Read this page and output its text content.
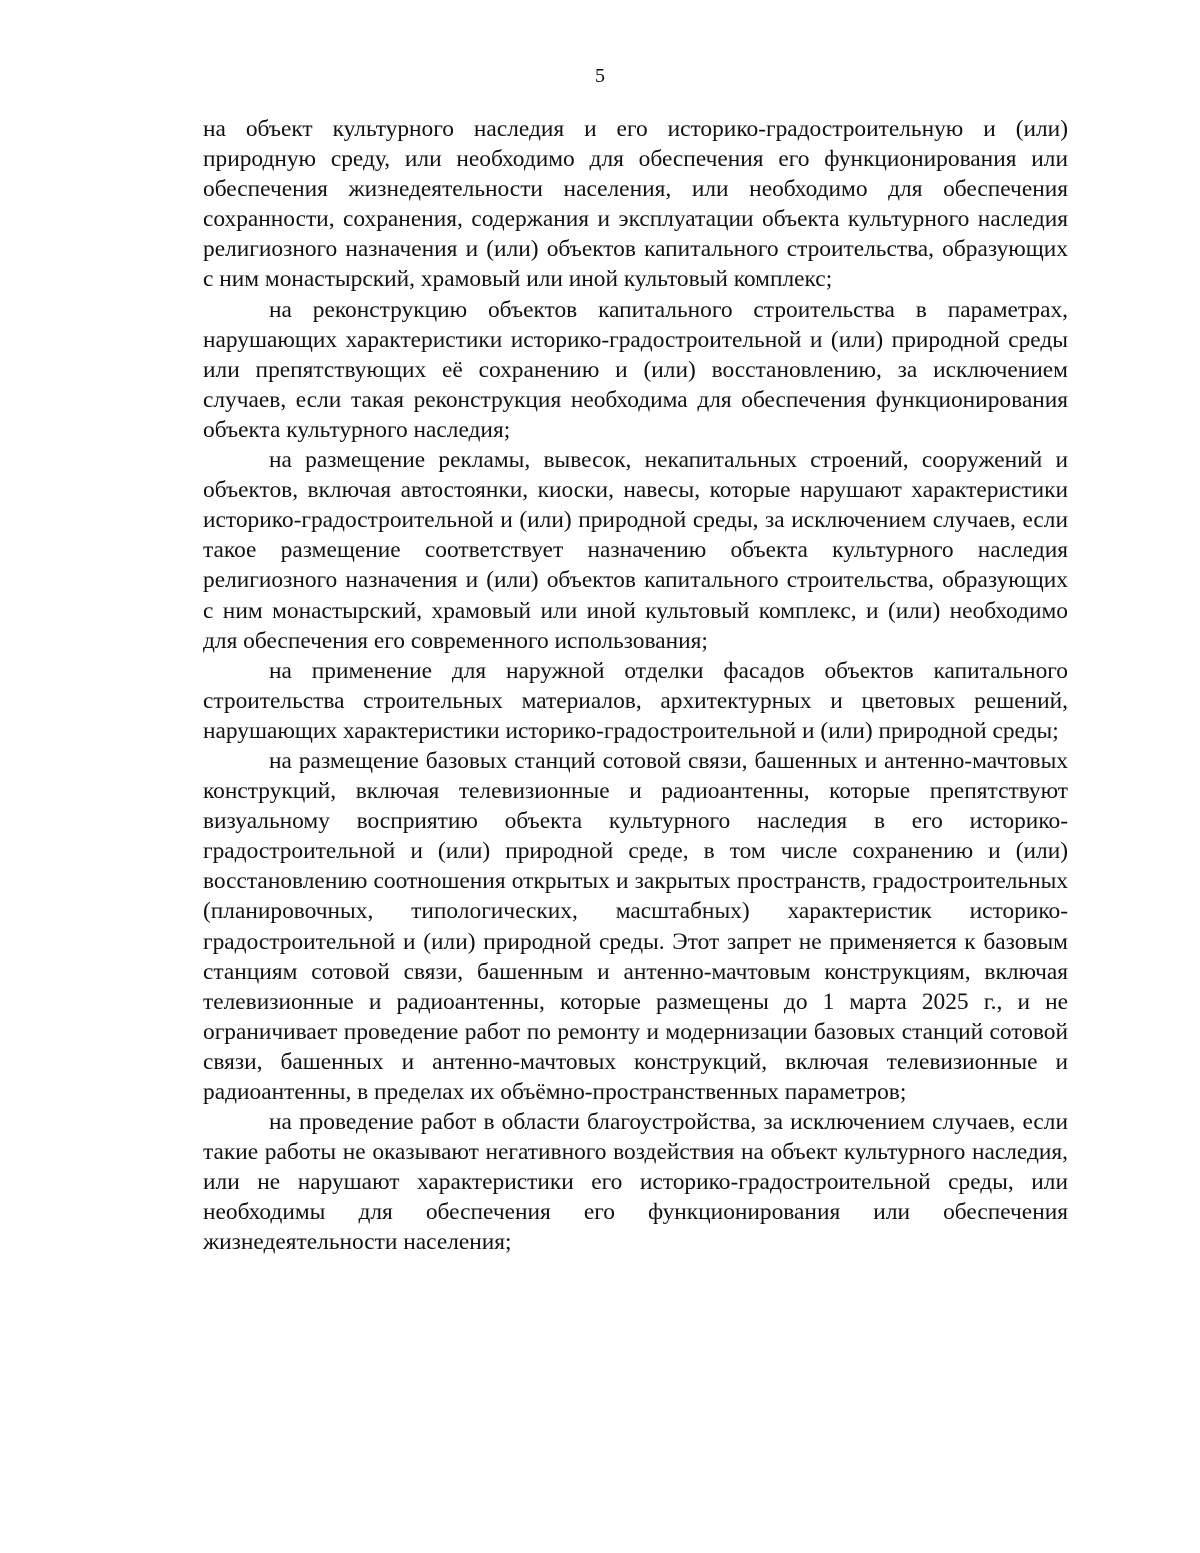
5

на объект культурного наследия и его историко-градостроительную и (или) природную среду, или необходимо для обеспечения его функционирования или обеспечения жизнедеятельности населения, или необходимо для обеспечения сохранности, сохранения, содержания и эксплуатации объекта культурного наследия религиозного назначения и (или) объектов капитального строительства, образующих с ним монастырский, храмовый или иной культовый комплекс;

на реконструкцию объектов капитального строительства в параметрах, нарушающих характеристики историко-градостроительной и (или) природной среды или препятствующих её сохранению и (или) восстановлению, за исключением случаев, если такая реконструкция необходима для обеспечения функционирования объекта культурного наследия;

на размещение рекламы, вывесок, некапитальных строений, сооружений и объектов, включая автостоянки, киоски, навесы, которые нарушают характеристики историко-градостроительной и (или) природной среды, за исключением случаев, если такое размещение соответствует назначению объекта культурного наследия религиозного назначения и (или) объектов капитального строительства, образующих с ним монастырский, храмовый или иной культовый комплекс, и (или) необходимо для обеспечения его современного использования;

на применение для наружной отделки фасадов объектов капитального строительства строительных материалов, архитектурных и цветовых решений, нарушающих характеристики историко-градостроительной и (или) природной среды;

на размещение базовых станций сотовой связи, башенных и антенно-мачтовых конструкций, включая телевизионные и радиоантенны, которые препятствуют визуальному восприятию объекта культурного наследия в его историко-градостроительной и (или) природной среде, в том числе сохранению и (или) восстановлению соотношения открытых и закрытых пространств, градостроительных (планировочных, типологических, масштабных) характеристик историко-градостроительной и (или) природной среды. Этот запрет не применяется к базовым станциям сотовой связи, башенным и антенно-мачтовым конструкциям, включая телевизионные и радиоантенны, которые размещены до 1 марта 2025 г., и не ограничивает проведение работ по ремонту и модернизации базовых станций сотовой связи, башенных и антенно-мачтовых конструкций, включая телевизионные и радиоантенны, в пределах их объёмно-пространственных параметров;

на проведение работ в области благоустройства, за исключением случаев, если такие работы не оказывают негативного воздействия на объект культурного наследия, или не нарушают характеристики его историко-градостроительной среды, или необходимы для обеспечения его функционирования или обеспечения жизнедеятельности населения;
